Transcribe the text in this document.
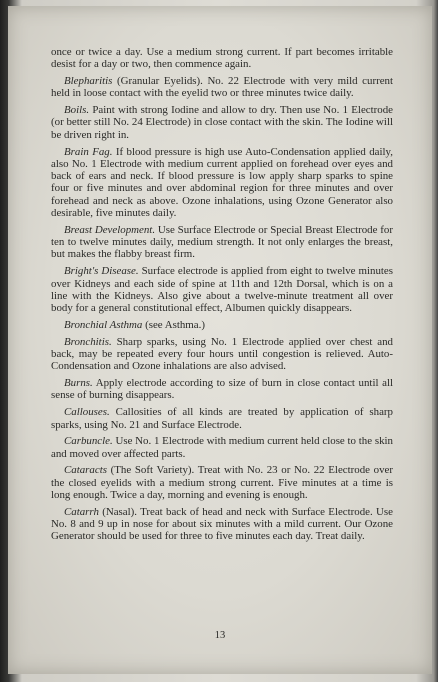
once or twice a day. Use a medium strong current. If part becomes irritable desist for a day or two, then commence again.

Blepharitis (Granular Eyelids). No. 22 Electrode with very mild current held in loose contact with the eyelid two or three minutes twice daily.

Boils. Paint with strong Iodine and allow to dry. Then use No. 1 Electrode (or better still No. 24 Electrode) in close contact with the skin. The Iodine will be driven right in.

Brain Fag. If blood pressure is high use Auto-Condensation applied daily, also No. 1 Electrode with medium current applied on forehead over eyes and back of ears and neck. If blood pressure is low apply sharp sparks to spine four or five minutes and over abdominal region for three minutes and over forehead and neck as above. Ozone inhalations, using Ozone Generator also desirable, five minutes daily.

Breast Development. Use Surface Electrode or Special Breast Electrode for ten to twelve minutes daily, medium strength. It not only enlarges the breast, but makes the flabby breast firm.

Bright's Disease. Surface electrode is applied from eight to twelve minutes over Kidneys and each side of spine at 11th and 12th Dorsal, which is on a line with the Kidneys. Also give about a twelve-minute treatment all over body for a general constitutional effect, Albumen quickly disappears.

Bronchial Asthma (see Asthma.)

Bronchitis. Sharp sparks, using No. 1 Electrode applied over chest and back, may be repeated every four hours until congestion is relieved. Auto-Condensation and Ozone inhalations are also advised.

Burns. Apply electrode according to size of burn in close contact until all sense of burning disappears.

Callouses. Callosities of all kinds are treated by application of sharp sparks, using No. 21 and Surface Electrode.

Carbuncle. Use No. 1 Electrode with medium current held close to the skin and moved over affected parts.

Cataracts (The Soft Variety). Treat with No. 23 or No. 22 Electrode over the closed eyelids with a medium strong current. Five minutes at a time is long enough. Twice a day, morning and evening is enough.

Catarrh (Nasal). Treat back of head and neck with Surface Electrode. Use No. 8 and 9 up in nose for about six minutes with a mild current. Our Ozone Generator should be used for three to five minutes each day. Treat daily.

13
